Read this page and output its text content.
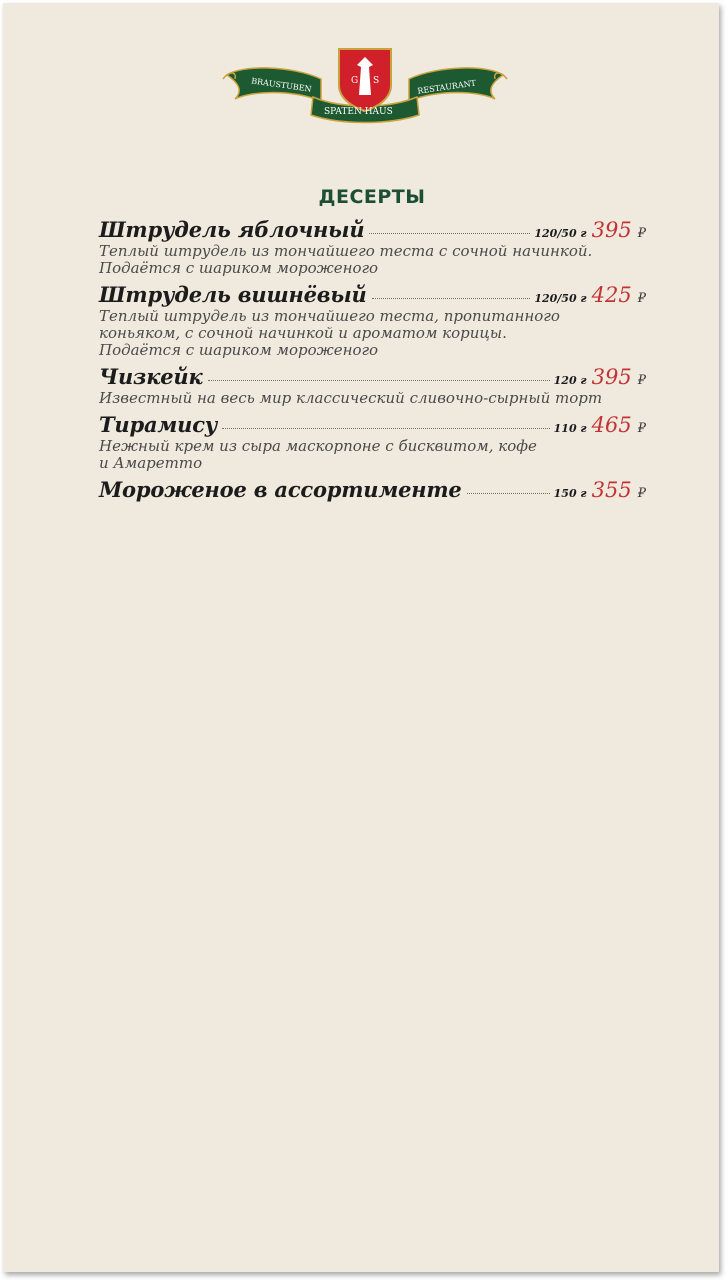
G S
BRAUSTUBEN	RESTAURANT
SPATEN·HAUS
ДЕСЕРТЫ
Штрудель яблочный	120/50 г 395 ₽
Теплый штрудель из тончайшего теста с сочной начинкой.
Подаётся с шариком мороженого
Штрудель вишнёвый	120/50 г 425 ₽
Теплый штрудель из тончайшего теста, пропитанного
коньяком, с сочной начинкой и ароматом корицы.
Подаётся с шариком мороженого
Чизкейк	120 г 395 ₽
Известный на весь мир классический сливочно-сырный торт
Тирамису	110 г 465 ₽
Нежный крем из сыра маскорпоне с бисквитом, кофе
и Амаретто
Мороженое в ассортименте	150 г 355 ₽
